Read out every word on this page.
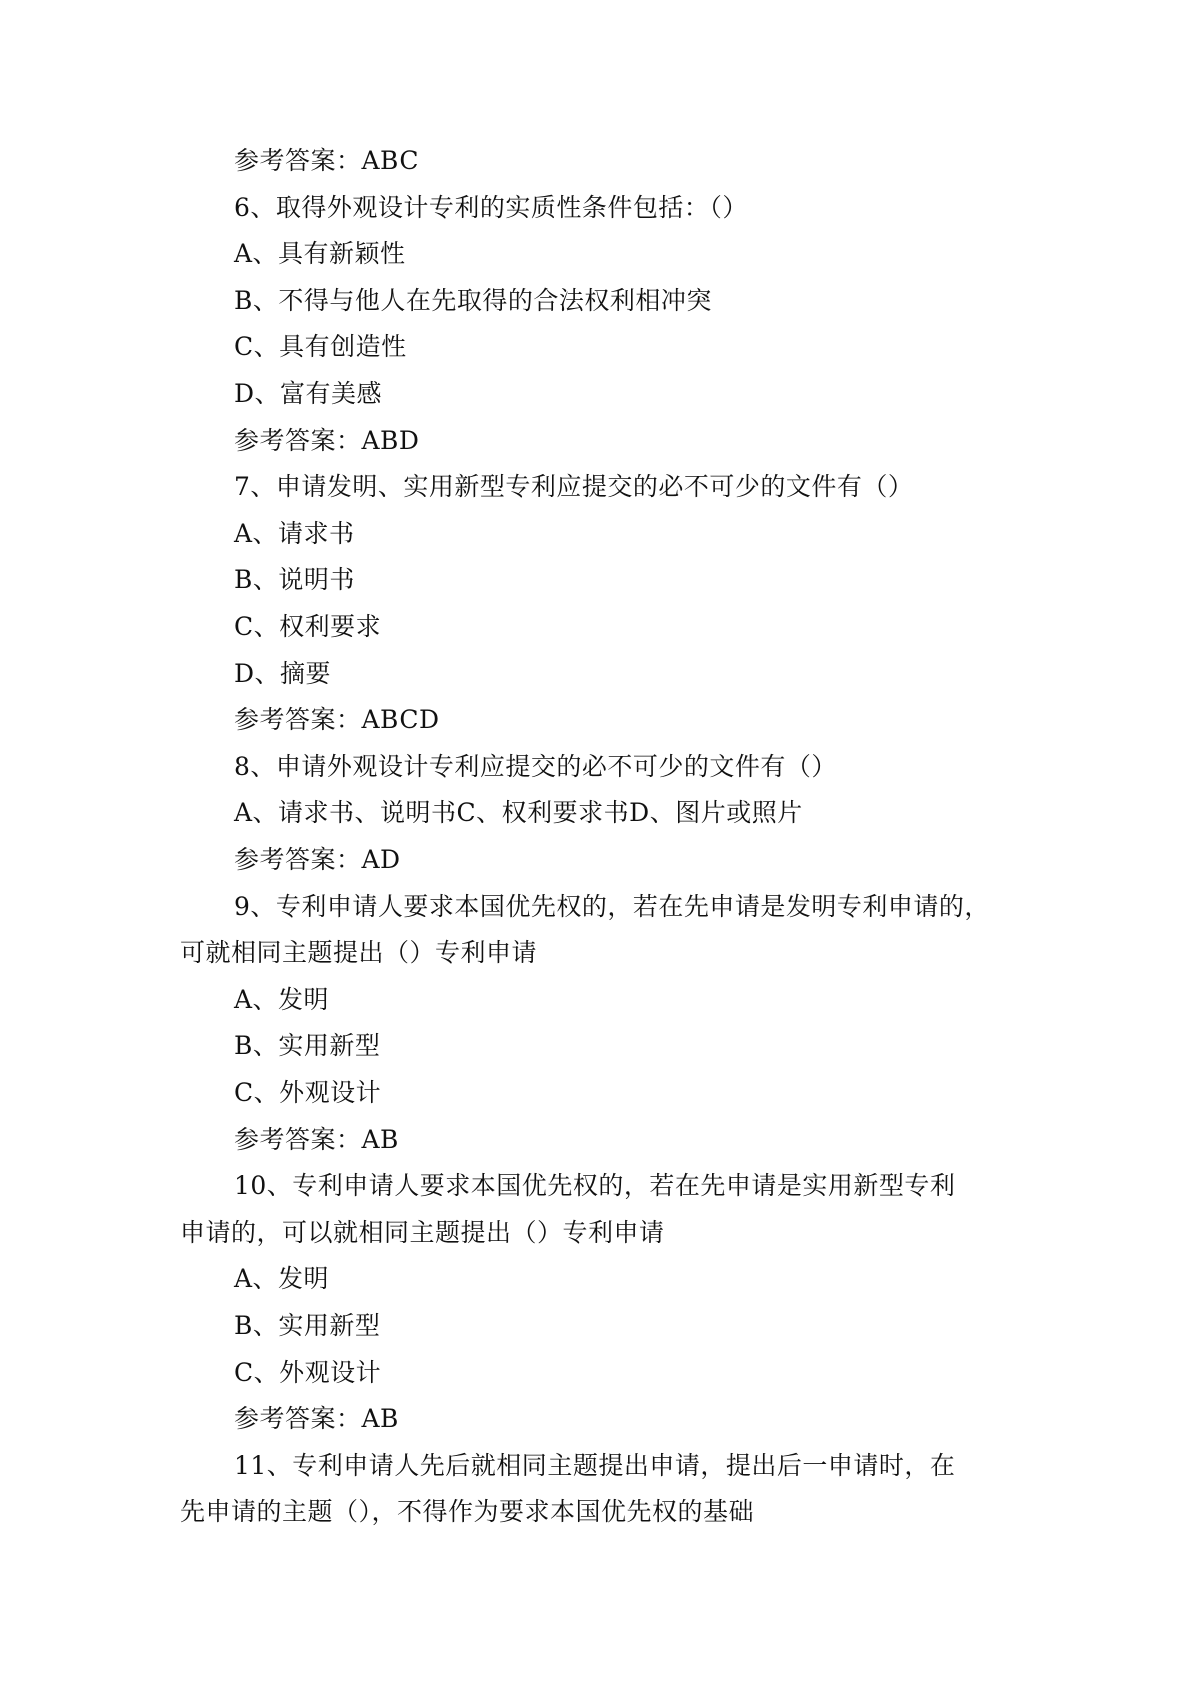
参考答案：ABC
6、取得外观设计专利的实质性条件包括：（）
A、具有新颖性
B、不得与他人在先取得的合法权利相冲突
C、具有创造性
D、富有美感
参考答案：ABD
7、申请发明、实用新型专利应提交的必不可少的文件有（）
A、请求书
B、说明书
C、权利要求
D、摘要
参考答案：ABCD
8、申请外观设计专利应提交的必不可少的文件有（）
A、请求书、说明书C、权利要求书D、图片或照片
参考答案：AD
9、专利申请人要求本国优先权的，若在先申请是发明专利申请的，
可就相同主题提出（）专利申请
A、发明
B、实用新型
C、外观设计
参考答案：AB
10、专利申请人要求本国优先权的，若在先申请是实用新型专利
申请的，可以就相同主题提出（）专利申请
A、发明
B、实用新型
C、外观设计
参考答案：AB
11、专利申请人先后就相同主题提出申请，提出后一申请时，在
先申请的主题（），不得作为要求本国优先权的基础
